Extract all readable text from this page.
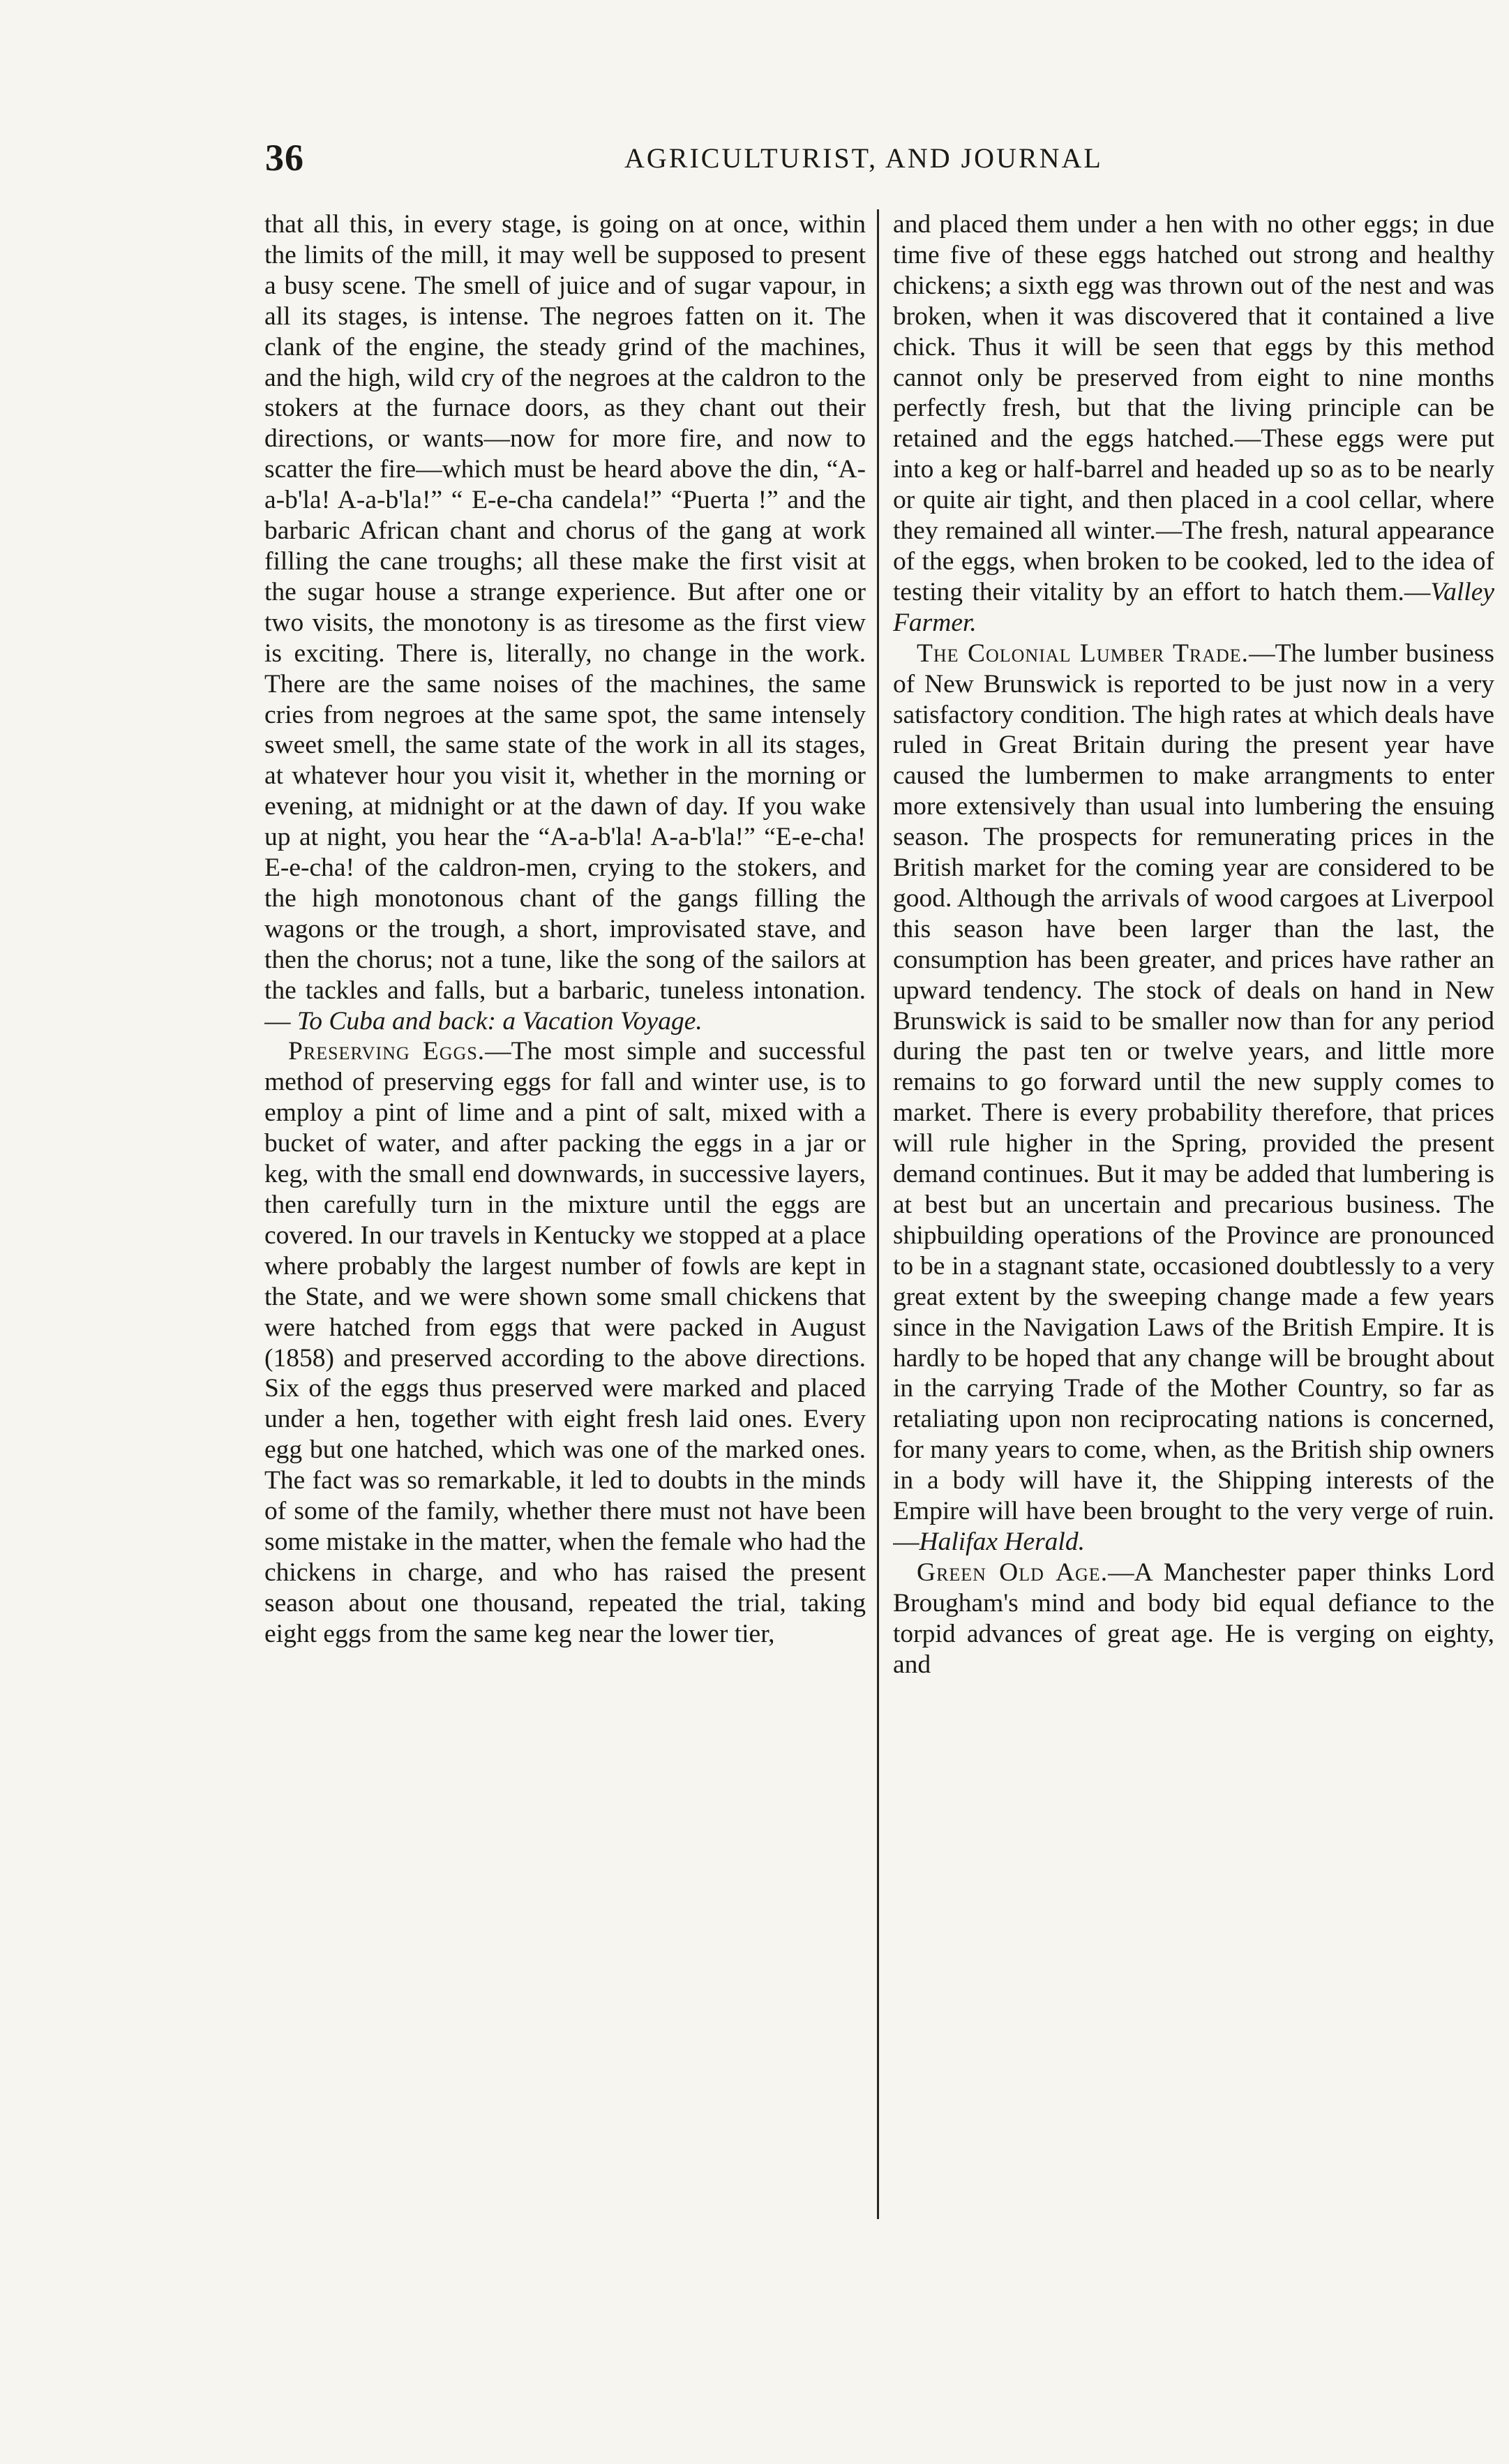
36	AGRICULTURIST, AND JOURNAL

that all this, in every stage, is going on at once, within the limits of the mill, it may well be supposed to present a busy scene. The smell of juice and of sugar vapour, in all its stages, is intense. The negroes fatten on it. The clank of the engine, the steady grind of the machines, and the high, wild cry of the negroes at the caldron to the stokers at the furnace doors, as they chant out their directions, or wants—now for more fire, and now to scatter the fire—which must be heard above the din, “A-a-b'la! A-a-b'la!” “ E-e-cha candela!” “Puerta !” and the barbaric African chant and chorus of the gang at work filling the cane troughs; all these make the first visit at the sugar house a strange experience. But after one or two visits, the monotony is as tiresome as the first view is exciting. There is, literally, no change in the work. There are the same noises of the machines, the same cries from negroes at the same spot, the same intensely sweet smell, the same state of the work in all its stages, at whatever hour you visit it, whether in the morning or evening, at midnight or at the dawn of day. If you wake up at night, you hear the “A-a-b'la! A-a-b'la!” “E-e-cha! E-e-cha! of the caldron-men, crying to the stokers, and the high monotonous chant of the gangs filling the wagons or the trough, a short, improvisated stave, and then the chorus; not a tune, like the song of the sailors at the tackles and falls, but a barbaric, tuneless intonation.— To Cuba and back: a Vacation Voyage.

Preserving Eggs.—The most simple and successful method of preserving eggs for fall and winter use, is to employ a pint of lime and a pint of salt, mixed with a bucket of water, and after packing the eggs in a jar or keg, with the small end downwards, in successive layers, then carefully turn in the mixture until the eggs are covered. In our travels in Kentucky we stopped at a place where probably the largest number of fowls are kept in the State, and we were shown some small chickens that were hatched from eggs that were packed in August (1858) and preserved according to the above directions. Six of the eggs thus preserved were marked and placed under a hen, together with eight fresh laid ones. Every egg but one hatched, which was one of the marked ones. The fact was so remarkable, it led to doubts in the minds of some of the family, whether there must not have been some mistake in the matter, when the female who had the chickens in charge, and who has raised the present season about one thousand, repeated the trial, taking eight eggs from the same keg near the lower tier,

and placed them under a hen with no other eggs; in due time five of these eggs hatched out strong and healthy chickens; a sixth egg was thrown out of the nest and was broken, when it was discovered that it contained a live chick. Thus it will be seen that eggs by this method cannot only be preserved from eight to nine months perfectly fresh, but that the living principle can be retained and the eggs hatched.—These eggs were put into a keg or half-barrel and headed up so as to be nearly or quite air tight, and then placed in a cool cellar, where they remained all winter.—The fresh, natural appearance of the eggs, when broken to be cooked, led to the idea of testing their vitality by an effort to hatch them.—Valley Farmer.

The Colonial Lumber Trade.—The lumber business of New Brunswick is reported to be just now in a very satisfactory condition. The high rates at which deals have ruled in Great Britain during the present year have caused the lumbermen to make arrangments to enter more extensively than usual into lumbering the ensuing season. The prospects for remunerating prices in the British market for the coming year are considered to be good. Although the arrivals of wood cargoes at Liverpool this season have been larger than the last, the consumption has been greater, and prices have rather an upward tendency. The stock of deals on hand in New Brunswick is said to be smaller now than for any period during the past ten or twelve years, and little more remains to go forward until the new supply comes to market. There is every probability therefore, that prices will rule higher in the Spring, provided the present demand continues. But it may be added that lumbering is at best but an uncertain and precarious business. The shipbuilding operations of the Province are pronounced to be in a stagnant state, occasioned doubtlessly to a very great extent by the sweeping change made a few years since in the Navigation Laws of the British Empire. It is hardly to be hoped that any change will be brought about in the carrying Trade of the Mother Country, so far as retaliating upon non reciprocating nations is concerned, for many years to come, when, as the British ship owners in a body will have it, the Shipping interests of the Empire will have been brought to the very verge of ruin.—Halifax Herald.

Green Old Age.—A Manchester paper thinks Lord Brougham's mind and body bid equal defiance to the torpid advances of great age. He is verging on eighty, and
